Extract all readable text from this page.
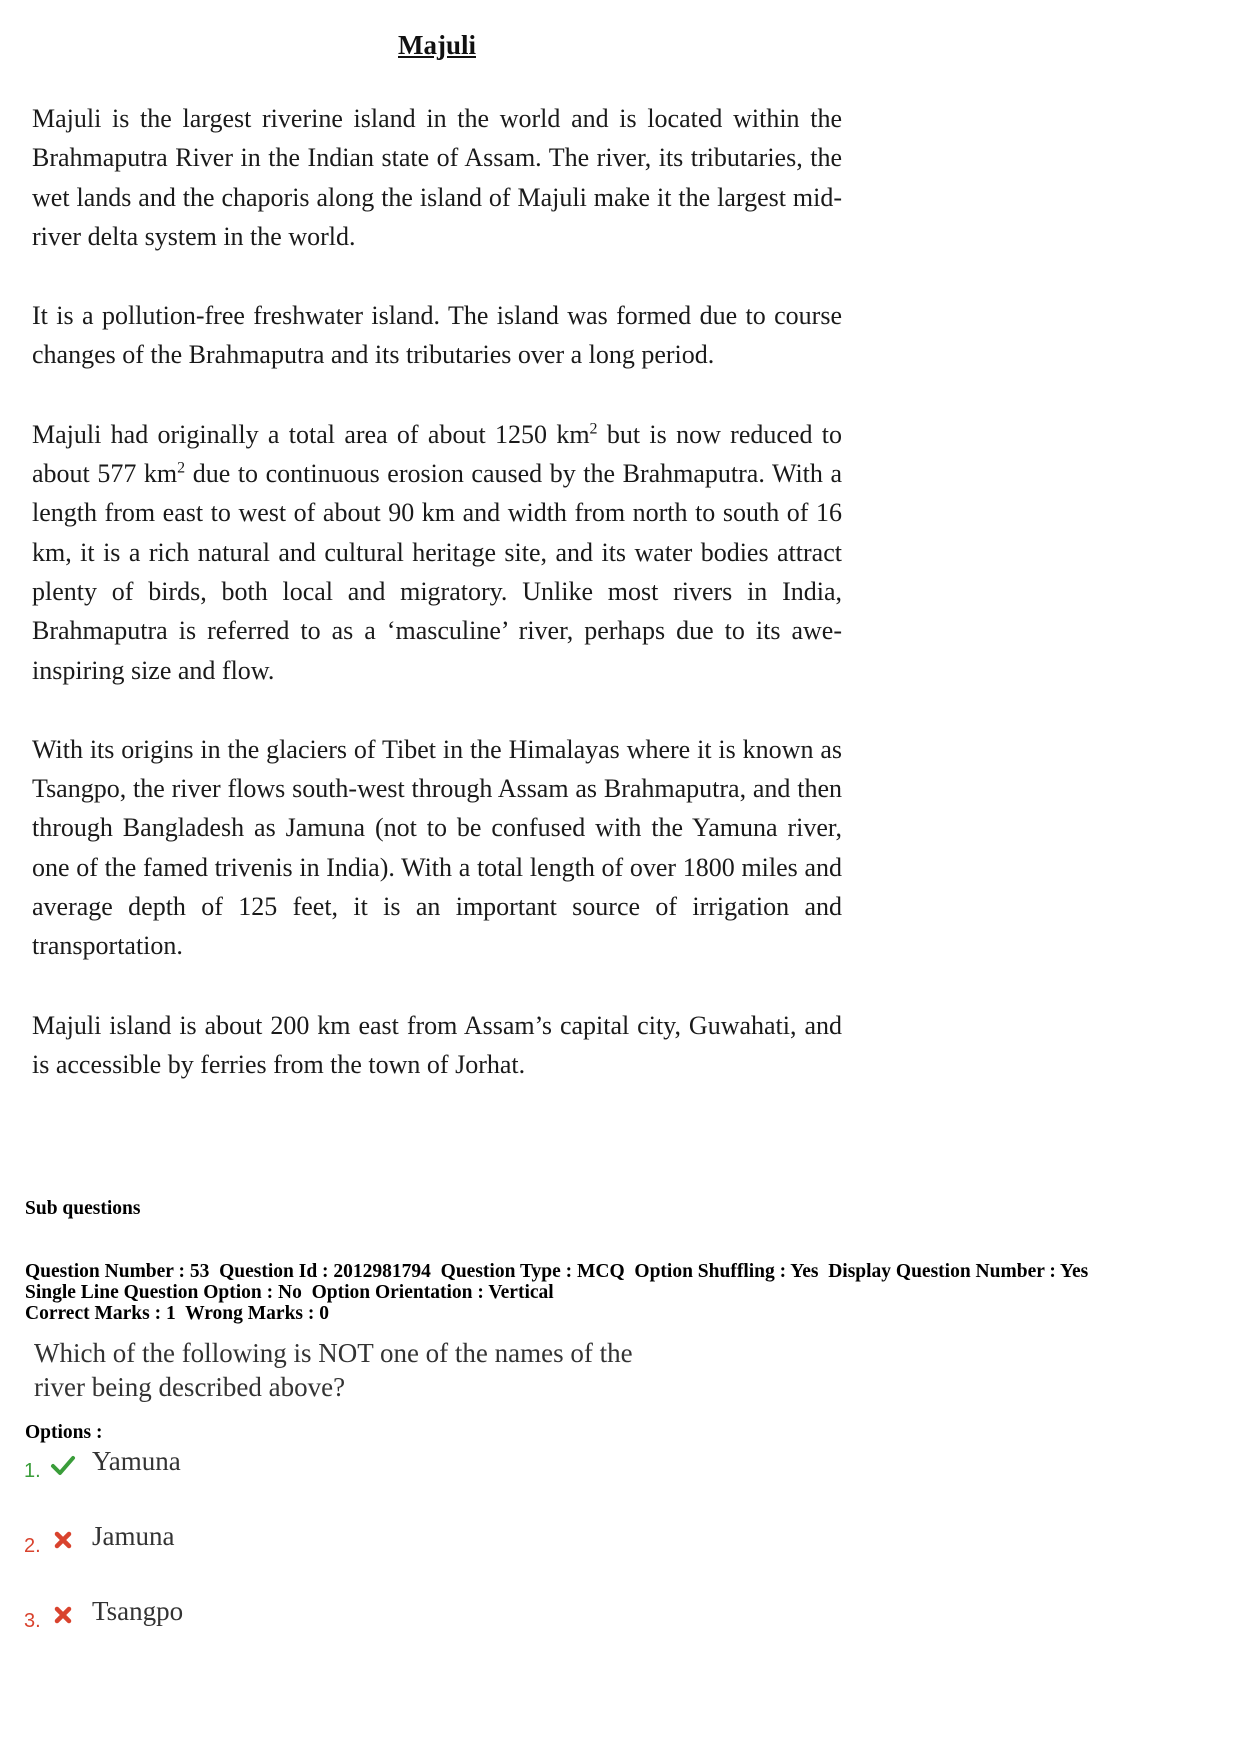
Majuli

Majuli is the largest riverine island in the world and is located within the Brahmaputra River in the Indian state of Assam. The river, its tributaries, the wet lands and the chaporis along the island of Majuli make it the largest mid-river delta system in the world.

It is a pollution-free freshwater island. The island was formed due to course changes of the Brahmaputra and its tributaries over a long period.

Majuli had originally a total area of about 1250 $km^2$ but is now reduced to about 577 $km^2$ due to continuous erosion caused by the Brahmaputra. With a length from east to west of about 90 km and width from north to south of 16 km, it is a rich natural and cultural heritage site, and its water bodies attract plenty of birds, both local and migratory. Unlike most rivers in India, Brahmaputra is referred to as a ‘masculine’ river, perhaps due to its awe-inspiring size and flow.

With its origins in the glaciers of Tibet in the Himalayas where it is known as Tsangpo, the river flows south-west through Assam as Brahmaputra, and then through Bangladesh as Jamuna (not to be confused with the Yamuna river, one of the famed trivenis in India). With a total length of over 1800 miles and average depth of 125 feet, it is an important source of irrigation and transportation.

Majuli island is about 200 km east from Assam’s capital city, Guwahati, and is accessible by ferries from the town of Jorhat.

Sub questions
Question Number : 53  Question Id : 2012981794  Question Type : MCQ  Option Shuffling : Yes  Display Question Number : Yes
Single Line Question Option : No  Option Orientation : Vertical
Correct Marks : 1  Wrong Marks : 0
Which of the following is NOT one of the names of the
river being described above?
Options :
1. Yamuna
2. Jamuna
3. Tsangpo
